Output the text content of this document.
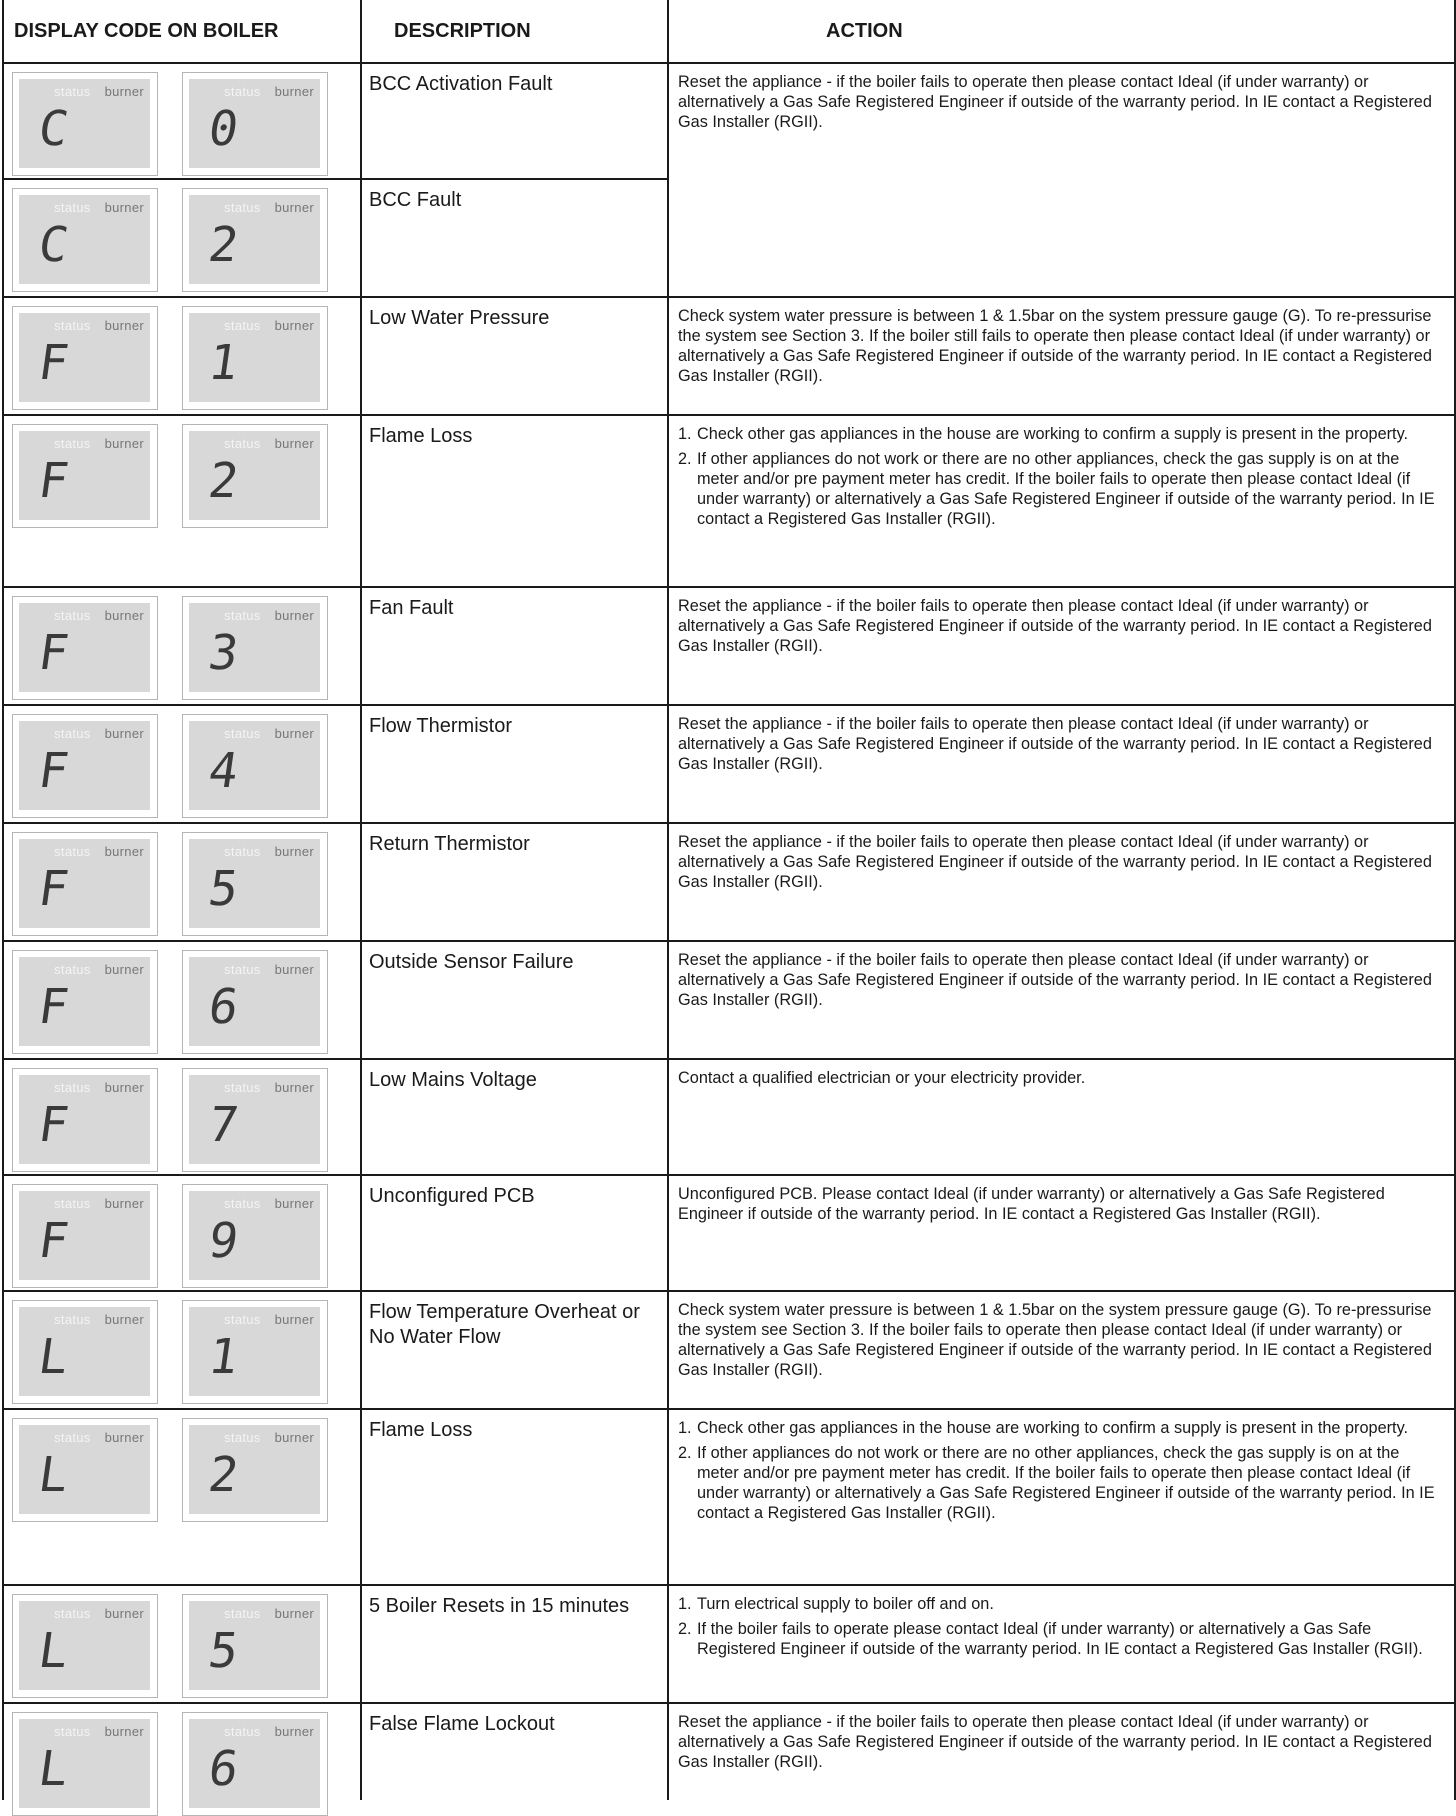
DISPLAY CODE ON BOILER	DESCRIPTION	ACTION
status burner
C
status burner
0
BCC Activation Fault	Reset the appliance - if the boiler fails to operate then please contact Ideal (if under warranty) or alternatively a Gas Safe Registered Engineer if outside of the warranty period. In IE contact a Registered Gas Installer (RGII).
status burner
C
status burner
2
BCC Fault
status burner
F
status burner
1
Low Water Pressure	Check system water pressure is between 1 & 1.5bar on the system pressure gauge (G). To re-pressurise the system see Section 3. If the boiler still fails to operate then please contact Ideal (if under warranty) or alternatively a Gas Safe Registered Engineer if outside of the warranty period. In IE contact a Registered Gas Installer (RGII).
status burner
F
status burner
2
Flame Loss	1. Check other gas appliances in the house are working to confirm a supply is present in the property.
2. If other appliances do not work or there are no other appliances, check the gas supply is on at the meter and/or pre payment meter has credit. If the boiler fails to operate then please contact Ideal (if under warranty) or alternatively a Gas Safe Registered Engineer if outside of the warranty period. In IE contact a Registered Gas Installer (RGII).
status burner
F
status burner
3
Fan Fault	Reset the appliance - if the boiler fails to operate then please contact Ideal (if under warranty) or alternatively a Gas Safe Registered Engineer if outside of the warranty period. In IE contact a Registered Gas Installer (RGII).
status burner
F
status burner
4
Flow Thermistor	Reset the appliance - if the boiler fails to operate then please contact Ideal (if under warranty) or alternatively a Gas Safe Registered Engineer if outside of the warranty period. In IE contact a Registered Gas Installer (RGII).
status burner
F
status burner
5
Return Thermistor	Reset the appliance - if the boiler fails to operate then please contact Ideal (if under warranty) or alternatively a Gas Safe Registered Engineer if outside of the warranty period. In IE contact a Registered Gas Installer (RGII).
status burner
F
status burner
6
Outside Sensor Failure	Reset the appliance - if the boiler fails to operate then please contact Ideal (if under warranty) or alternatively a Gas Safe Registered Engineer if outside of the warranty period. In IE contact a Registered Gas Installer (RGII).
status burner
F
status burner
7
Low Mains Voltage	Contact a qualified electrician or your electricity provider.
status burner
F
status burner
9
Unconfigured PCB	Unconfigured PCB. Please contact Ideal (if under warranty) or alternatively a Gas Safe Registered Engineer if outside of the warranty period. In IE contact a Registered Gas Installer (RGII).
status burner
L
status burner
1
Flow Temperature Overheat or No Water Flow
Check system water pressure is between 1 & 1.5bar on the system pressure gauge (G). To re-pressurise the system see Section 3. If the boiler fails to operate then please contact Ideal (if under warranty) or alternatively a Gas Safe Registered Engineer if outside of the warranty period. In IE contact a Registered Gas Installer (RGII).
status burner
L
status burner
2
Flame Loss	1. Check other gas appliances in the house are working to confirm a supply is present in the property.
2. If other appliances do not work or there are no other appliances, check the gas supply is on at the meter and/or pre payment meter has credit. If the boiler fails to operate then please contact Ideal (if under warranty) or alternatively a Gas Safe Registered Engineer if outside of the warranty period. In IE contact a Registered Gas Installer (RGII).
status burner
L
status burner
5
5 Boiler Resets in 15 minutes	1. Turn electrical supply to boiler off and on.
2. If the boiler fails to operate please contact Ideal (if under warranty) or alternatively a Gas Safe Registered Engineer if outside of the warranty period. In IE contact a Registered Gas Installer (RGII).
status burner
L
status burner
6
False Flame Lockout	Reset the appliance - if the boiler fails to operate then please contact Ideal (if under warranty) or alternatively a Gas Safe Registered Engineer if outside of the warranty period. In IE contact a Registered Gas Installer (RGII).
